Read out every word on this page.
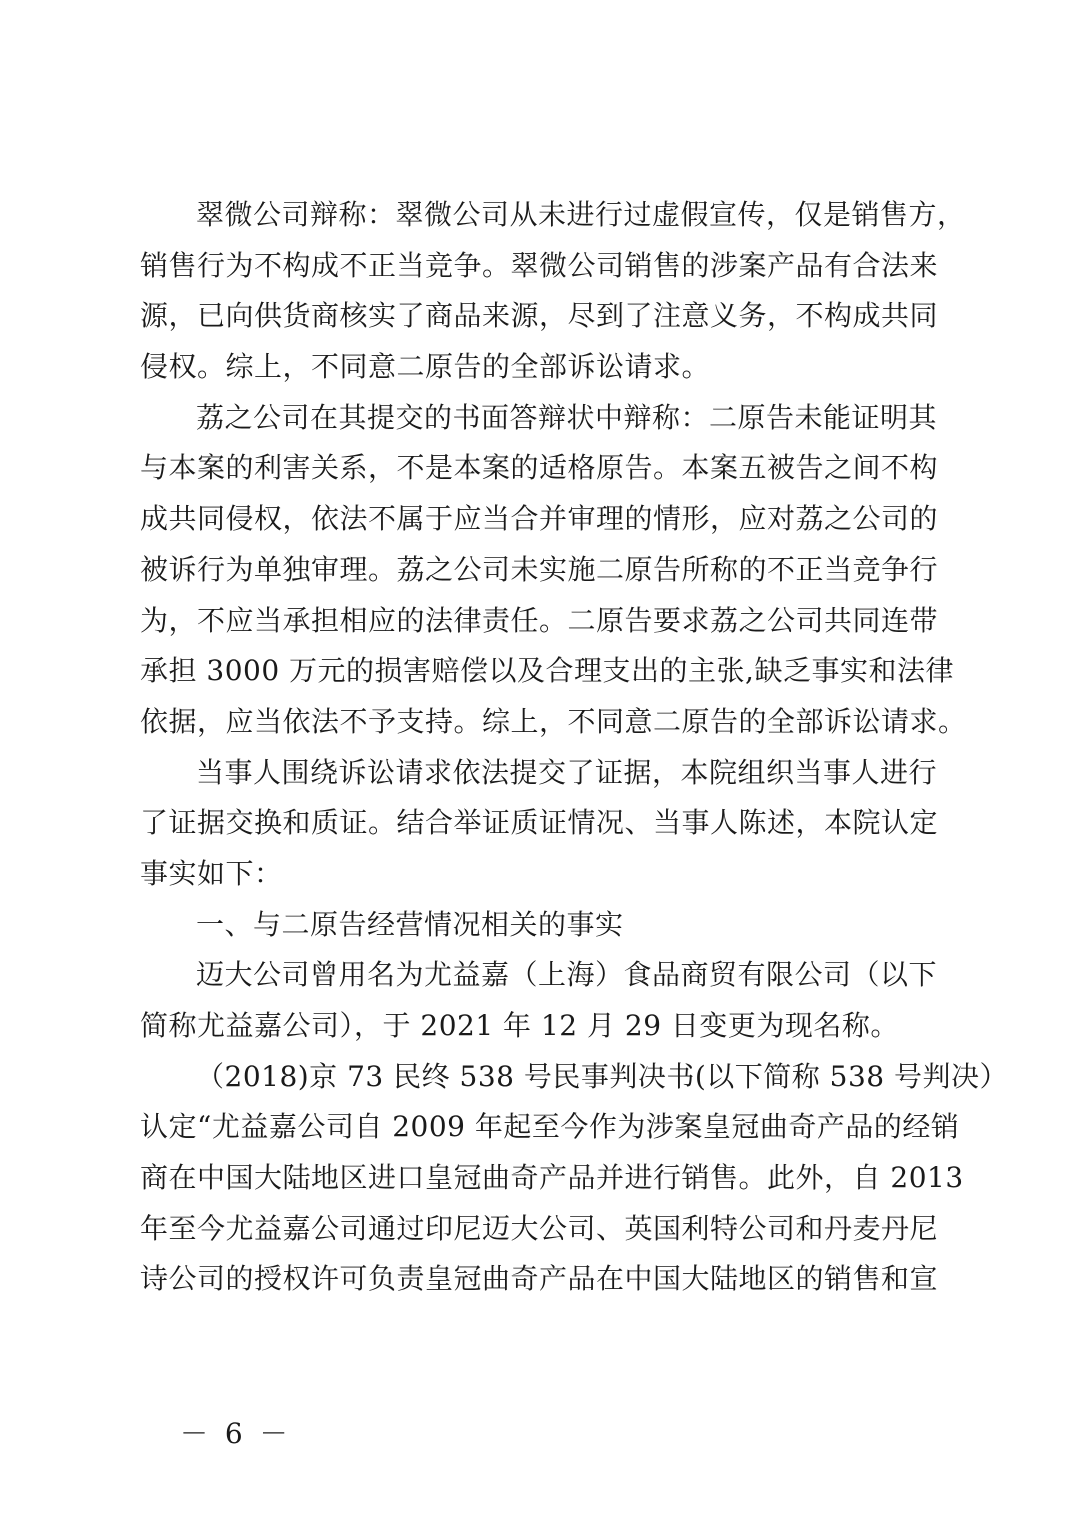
翠微公司辩称：翠微公司从未进行过虚假宣传，仅是销售方，
销售行为不构成不正当竞争。翠微公司销售的涉案产品有合法来
源，已向供货商核实了商品来源，尽到了注意义务，不构成共同
侵权。综上，不同意二原告的全部诉讼请求。
荔之公司在其提交的书面答辩状中辩称：二原告未能证明其
与本案的利害关系，不是本案的适格原告。本案五被告之间不构
成共同侵权，依法不属于应当合并审理的情形，应对荔之公司的
被诉行为单独审理。荔之公司未实施二原告所称的不正当竞争行
为，不应当承担相应的法律责任。二原告要求荔之公司共同连带
承担 3000 万元的损害赔偿以及合理支出的主张,缺乏事实和法律
依据，应当依法不予支持。综上，不同意二原告的全部诉讼请求。
当事人围绕诉讼请求依法提交了证据，本院组织当事人进行
了证据交换和质证。结合举证质证情况、当事人陈述，本院认定
事实如下：
一、与二原告经营情况相关的事实
迈大公司曾用名为尤益嘉（上海）食品商贸有限公司（以下
简称尤益嘉公司），于 2021 年 12 月 29 日变更为现名称。
（2018)京 73 民终 538 号民事判决书(以下简称 538 号判决）
认定“尤益嘉公司自 2009 年起至今作为涉案皇冠曲奇产品的经销
商在中国大陆地区进口皇冠曲奇产品并进行销售。此外，自 2013
年至今尤益嘉公司通过印尼迈大公司、英国利特公司和丹麦丹尼
诗公司的授权许可负责皇冠曲奇产品在中国大陆地区的销售和宣
－ 6 －
